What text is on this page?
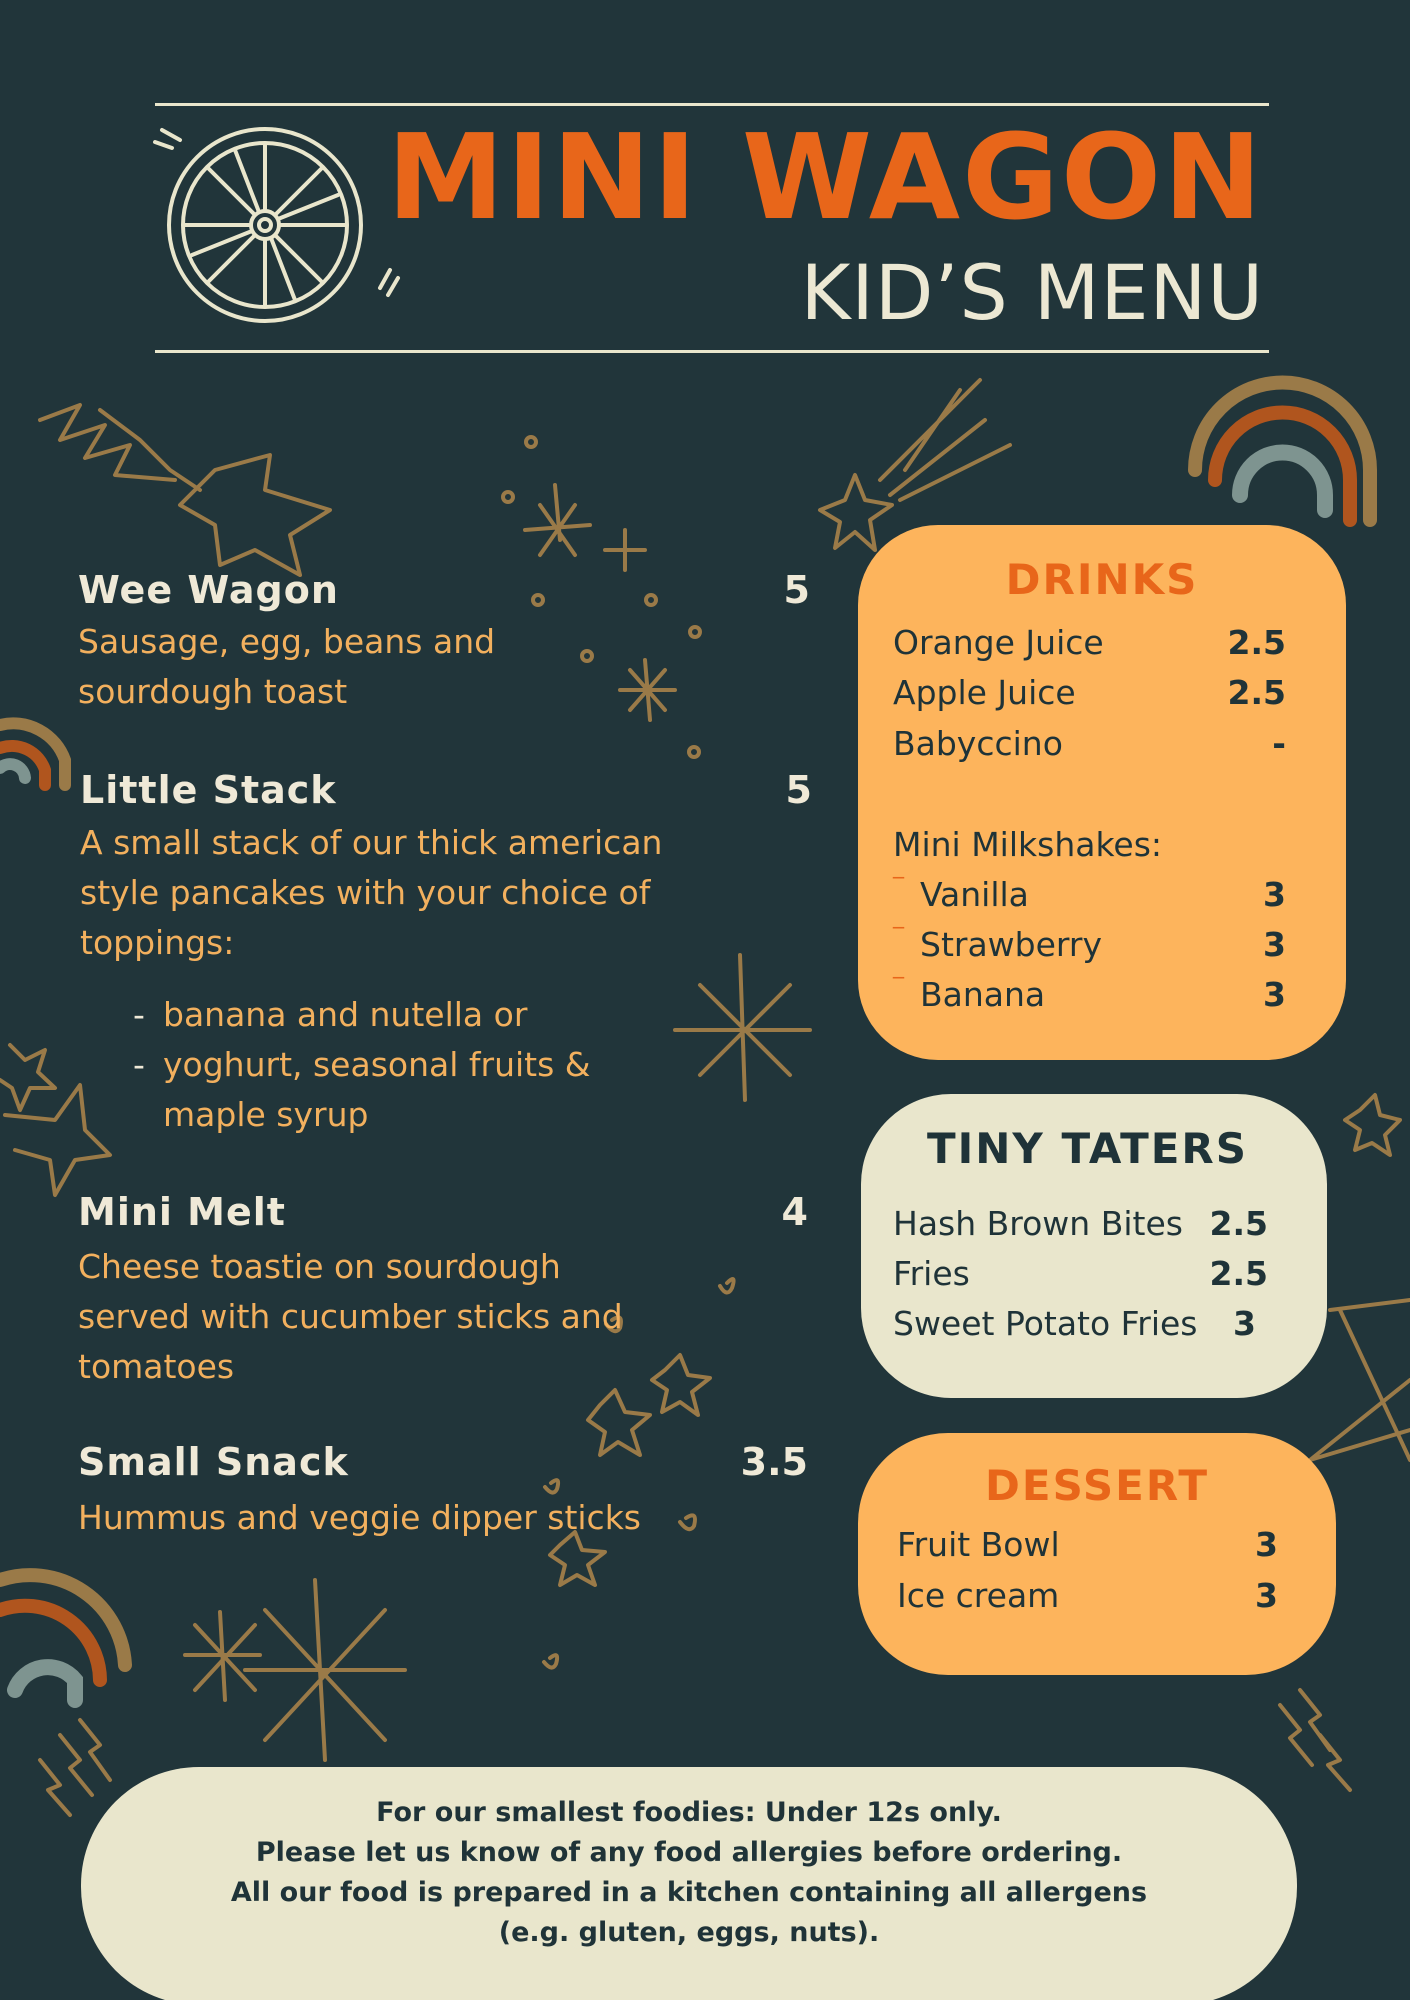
MINI WAGON
KID’S MENU
Wee Wagon	5
Sausage, egg, beans and
sourdough toast
Little Stack	5
A small stack of our thick american
style pancakes with your choice of
toppings:
- banana and nutella or
- yoghurt, seasonal fruits &
maple syrup
Mini Melt	4
Cheese toastie on sourdough
served with cucumber sticks and
tomatoes
Small Snack	3.5
Hummus and veggie dipper sticks
DRINKS
Orange Juice	2.5
Apple Juice	2.5
Babyccino	-
Mini Milkshakes:
‾ Vanilla	3
‾ Strawberry	3
‾ Banana	3
TINY TATERS
Hash Brown Bites 2.5
Fries	2.5
Sweet Potato Fries	3
DESSERT
Fruit Bowl	3
Ice cream	3
For our smallest foodies: Under 12s only.
Please let us know of any food allergies before ordering.
All our food is prepared in a kitchen containing all allergens
(e.g. gluten, eggs, nuts).
